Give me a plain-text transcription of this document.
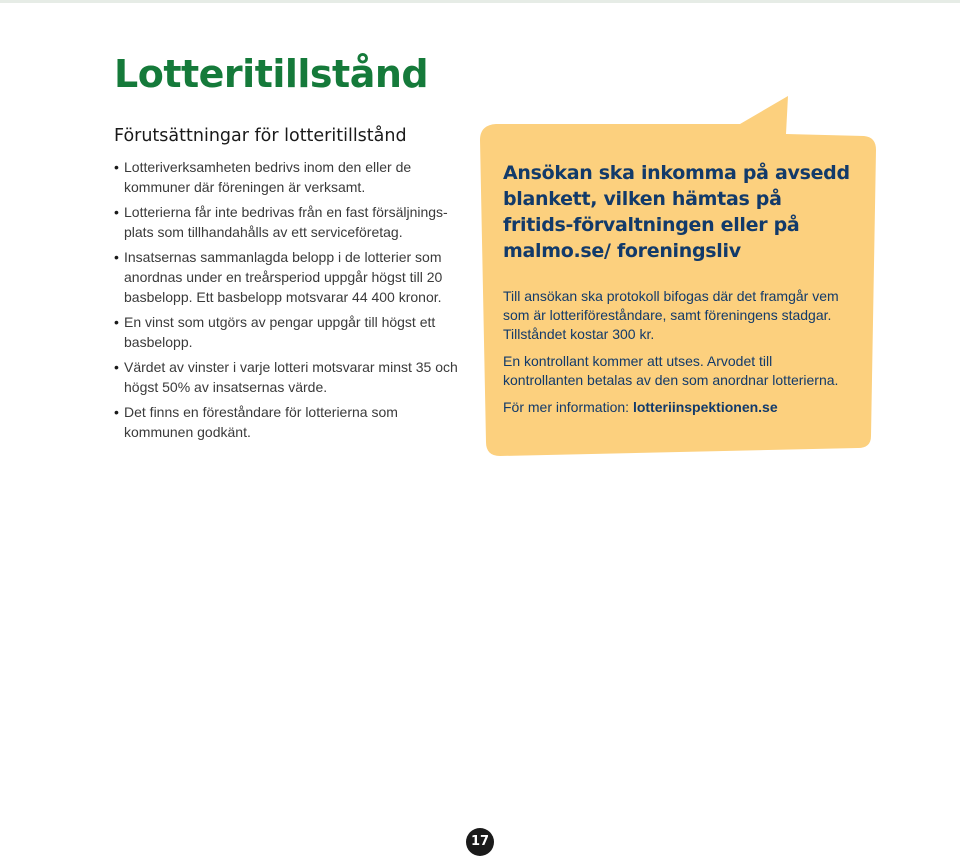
Lotteritillstånd
Förutsättningar för lotteritillstånd
• Lotteriverksamheten bedrivs inom den eller de kommuner där föreningen är verksamt.
• Lotterierna får inte bedrivas från en fast försäljnings-plats som tillhandahålls av ett serviceföretag.
• Insatsernas sammanlagda belopp i de lotterier som anordnas under en treårsperiod uppgår högst till 20 basbelopp. Ett basbelopp motsvarar 44 400 kronor.
• En vinst som utgörs av pengar uppgår till högst ett basbelopp.
• Värdet av vinster i varje lotteri motsvarar minst 35 och högst 50% av insatsernas värde.
• Det finns en föreståndare för lotterierna som kommunen godkänt.
Ansökan ska inkomma på avsedd blankett, vilken hämtas på fritids-förvaltningen eller på malmo.se/ foreningsliv

Till ansökan ska protokoll bifogas där det framgår vem som är lotteriföreståndare, samt föreningens stadgar. Tillståndet kostar 300 kr.

En kontrollant kommer att utses. Arvodet till kontrollanten betalas av den som anordnar lotterierna.

För mer information: lotteriinspektionen.se

17
